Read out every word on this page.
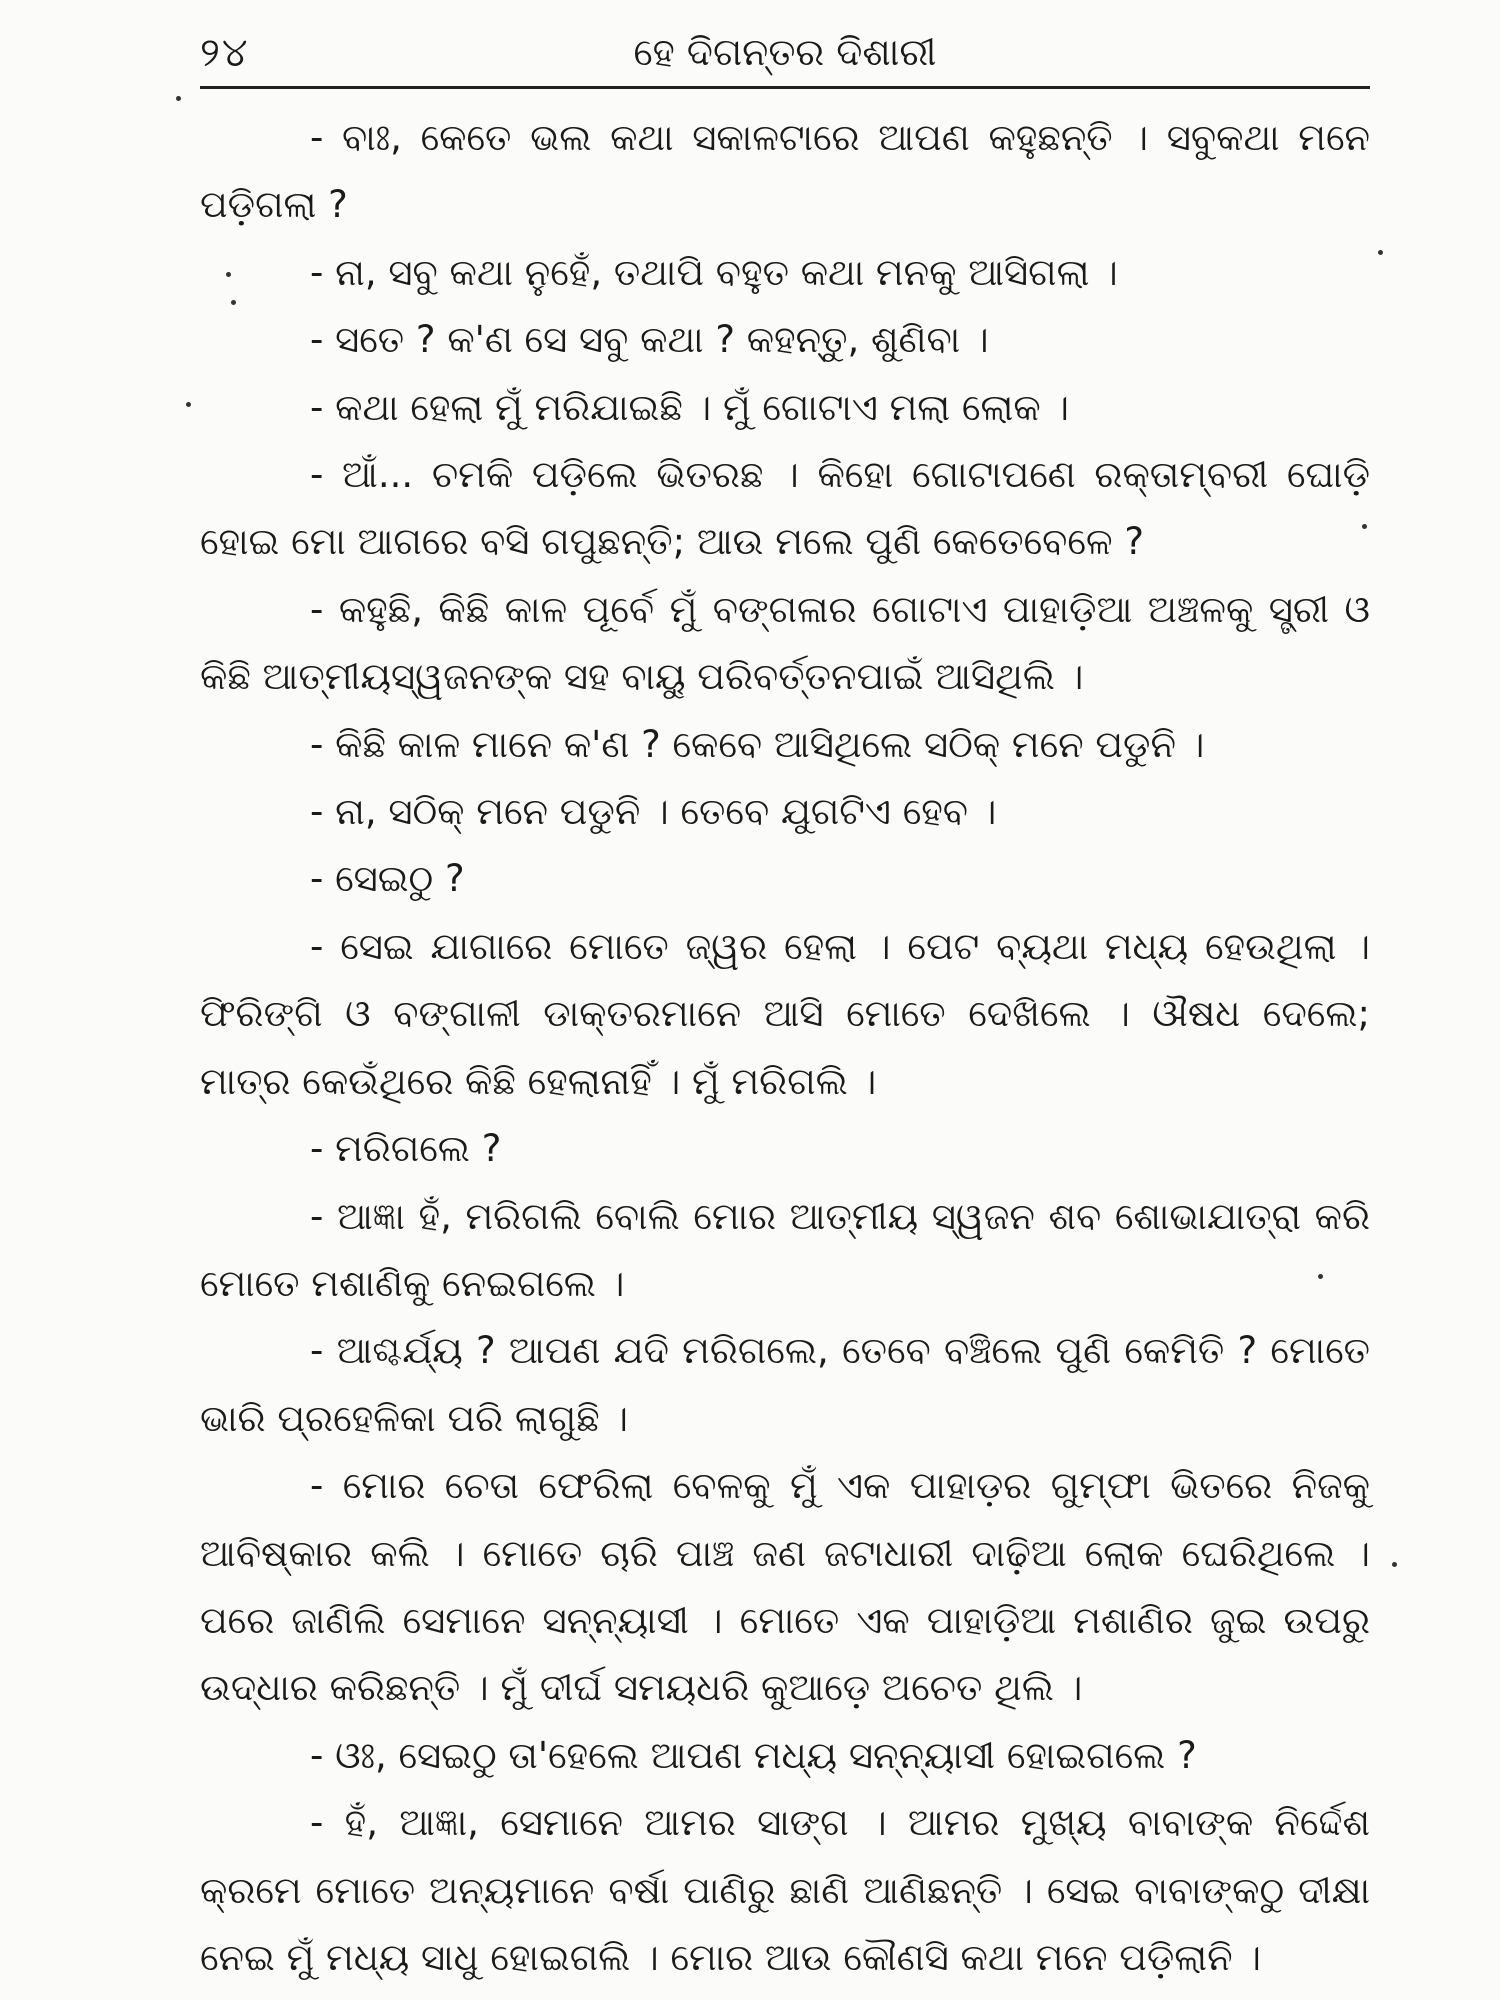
୨୪	ହେ ଦିଗନ୍ତର ଦିଶାରୀ

- ବାଃ, କେତେ ଭଲ କଥା ସକାଳଟାରେ ଆପଣ କହୁଛନ୍ତି । ସବୁକଥା ମନେ ପଡ଼ିଗଲା ?

- ନା, ସବୁ କଥା ନୁହେଁ, ତଥାପି ବହୁତ କଥା ମନକୁ ଆସିଗଲା ।

- ସତେ ? କ'ଣ ସେ ସବୁ କଥା ? କହନ୍ତୁ, ଶୁଣିବା ।

- କଥା ହେଲା ମୁଁ ମରିଯାଇଛି । ମୁଁ ଗୋଟାଏ ମଲା ଲୋକ ।

- ଆଁ... ଚମକି ପଡ଼ିଲେ ଭିତରଛ । କିହୋ ଗୋଟାପଣେ ରକ୍ତାମ୍ବରୀ ଘୋଡ଼ି ହୋଇ ମୋ ଆଗରେ ବସି ଗପୁଛନ୍ତି; ଆଉ ମଲେ ପୁଣି କେତେବେଳେ ?

- କହୁଛି, କିଛି କାଳ ପୂର୍ବେ ମୁଁ ବଙ୍ଗଳାର ଗୋଟାଏ ପାହାଡ଼ିଆ ଅଞ୍ଚଳକୁ ସ୍ତ୍ରୀ ଓ କିଛି ଆତ୍ମୀୟସ୍ୱଜନଙ୍କ ସହ ବାୟୁ ପରିବର୍ତ୍ତନପାଇଁ ଆସିଥିଲି ।

- କିଛି କାଳ ମାନେ କ'ଣ ? କେବେ ଆସିଥିଲେ ସଠିକ୍ ମନେ ପଡୁନି ।

- ନା, ସଠିକ୍ ମନେ ପଡୁନି । ତେବେ ଯୁଗଟିଏ ହେବ ।

- ସେଇଠୁ ?

- ସେଇ ଯାଗାରେ ମୋତେ ଜ୍ୱର ହେଲା । ପେଟ ବ୍ୟଥା ମଧ୍ୟ ହେଉଥିଲା । ଫିରିଙ୍ଗି ଓ ବଙ୍ଗାଳୀ ଡାକ୍ତରମାନେ ଆସି ମୋତେ ଦେଖିଲେ । ଔଷଧ ଦେଲେ; ମାତ୍ର କେଉଁଥିରେ କିଛି ହେଲାନାହିଁ । ମୁଁ ମରିଗଲି ।

- ମରିଗଲେ ?

- ଆଜ୍ଞା ହଁ, ମରିଗଲି ବୋଲି ମୋର ଆତ୍ମୀୟ ସ୍ୱଜନ ଶବ ଶୋଭାଯାତ୍ରା କରି ମୋତେ ମଶାଣିକୁ ନେଇଗଲେ ।

- ଆଶ୍ଚର୍ଯ୍ୟ ? ଆପଣ ଯଦି ମରିଗଲେ, ତେବେ ବଞ୍ଚିଲେ ପୁଣି କେମିତି ? ମୋତେ ଭାରି ପ୍ରହେଳିକା ପରି ଲାଗୁଛି ।

- ମୋର ଚେତା ଫେରିଲା ବେଳକୁ ମୁଁ ଏକ ପାହାଡ଼ର ଗୁମ୍ଫା ଭିତରେ ନିଜକୁ ଆବିଷ୍କାର କଲି । ମୋତେ ଚାରି ପାଞ୍ଚ ଜଣ ଜଟାଧାରୀ ଦାଢ଼ିଆ ଲୋକ ଘେରିଥିଲେ । ପରେ ଜାଣିଲି ସେମାନେ ସନ୍ନ୍ୟାସୀ । ମୋତେ ଏକ ପାହାଡ଼ିଆ ମଶାଣିର ଜୁଇ ଉପରୁ ଉଦ୍ଧାର କରିଛନ୍ତି । ମୁଁ ଦୀର୍ଘ ସମୟଧରି କୁଆଡ଼େ ଅଚେତ ଥିଲି ।

- ଓଃ, ସେଇଠୁ ତା'ହେଲେ ଆପଣ ମଧ୍ୟ ସନ୍ନ୍ୟାସୀ ହୋଇଗଲେ ?

- ହଁ, ଆଜ୍ଞା, ସେମାନେ ଆମର ସାଙ୍ଗ । ଆମର ମୁଖ୍ୟ ବାବାଙ୍କ ନିର୍ଦ୍ଦେଶ କ୍ରମେ ମୋତେ ଅନ୍ୟମାନେ ବର୍ଷା ପାଣିରୁ ଛାଣି ଆଣିଛନ୍ତି । ସେଇ ବାବାଙ୍କଠୁ ଦୀକ୍ଷା ନେଇ ମୁଁ ମଧ୍ୟ ସାଧୁ ହୋଇଗଲି । ମୋର ଆଉ କୌଣସି କଥା ମନେ ପଡ଼ିଲାନି ।
